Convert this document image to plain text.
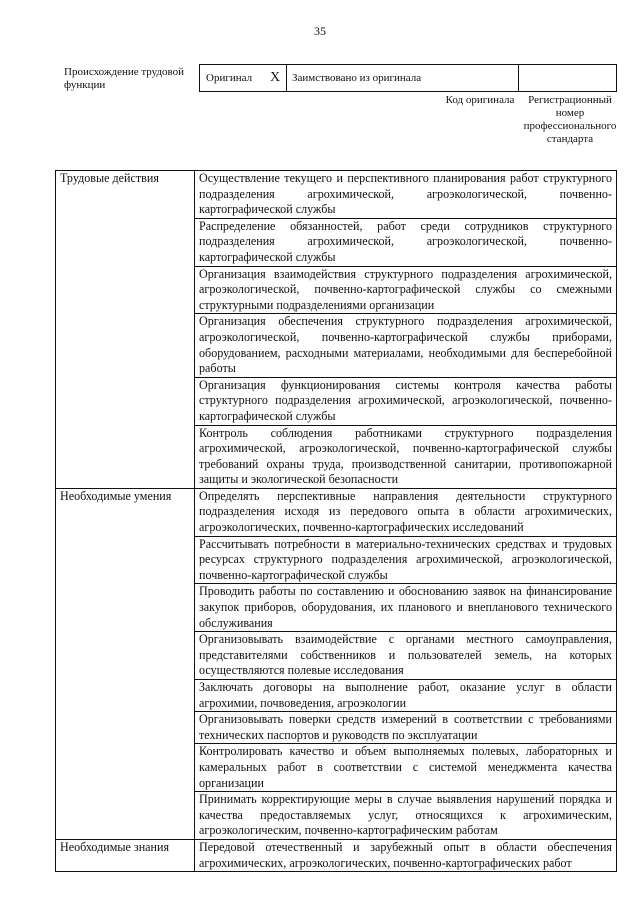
35
Происхождение трудовой функции
Оригинал X Заимствовано из оригинала
Код оригинала	Регистрационный номер профессионального стандарта
Трудовые действия	Осуществление текущего и перспективного планирования работ структурного подразделения агрохимической, агроэкологической, почвенно-картографической службы
	Распределение обязанностей, работ среди сотрудников структурного подразделения агрохимической, агроэкологической, почвенно-картографической службы
	Организация взаимодействия структурного подразделения агрохимической, агроэкологической, почвенно-картографической службы со смежными структурными подразделениями организации
	Организация обеспечения структурного подразделения агрохимической, агроэкологической, почвенно-картографической службы приборами, оборудованием, расходными материалами, необходимыми для бесперебойной работы
	Организация функционирования системы контроля качества работы структурного подразделения агрохимической, агроэкологической, почвенно-картографической службы
	Контроль соблюдения работниками структурного подразделения агрохимической, агроэкологической, почвенно-картографической службы требований охраны труда, производственной санитарии, противопожарной защиты и экологической безопасности
Необходимые умения	Определять перспективные направления деятельности структурного подразделения исходя из передового опыта в области агрохимических, агроэкологических, почвенно-картографических исследований
	Рассчитывать потребности в материально-технических средствах и трудовых ресурсах структурного подразделения агрохимической, агроэкологической, почвенно-картографической службы
	Проводить работы по составлению и обоснованию заявок на финансирование закупок приборов, оборудования, их планового и внепланового технического обслуживания
	Организовывать взаимодействие с органами местного самоуправления, представителями собственников и пользователей земель, на которых осуществляются полевые исследования
	Заключать договоры на выполнение работ, оказание услуг в области агрохимии, почвоведения, агроэкологии
	Организовывать поверки средств измерений в соответствии с требованиями технических паспортов и руководств по эксплуатации
	Контролировать качество и объем выполняемых полевых, лабораторных и камеральных работ в соответствии с системой менеджмента качества организации
	Принимать корректирующие меры в случае выявления нарушений порядка и качества предоставляемых услуг, относящихся к агрохимическим, агроэкологическим, почвенно-картографическим работам
Необходимые знания	Передовой отечественный и зарубежный опыт в области обеспечения агрохимических, агроэкологических, почвенно-картографических работ
